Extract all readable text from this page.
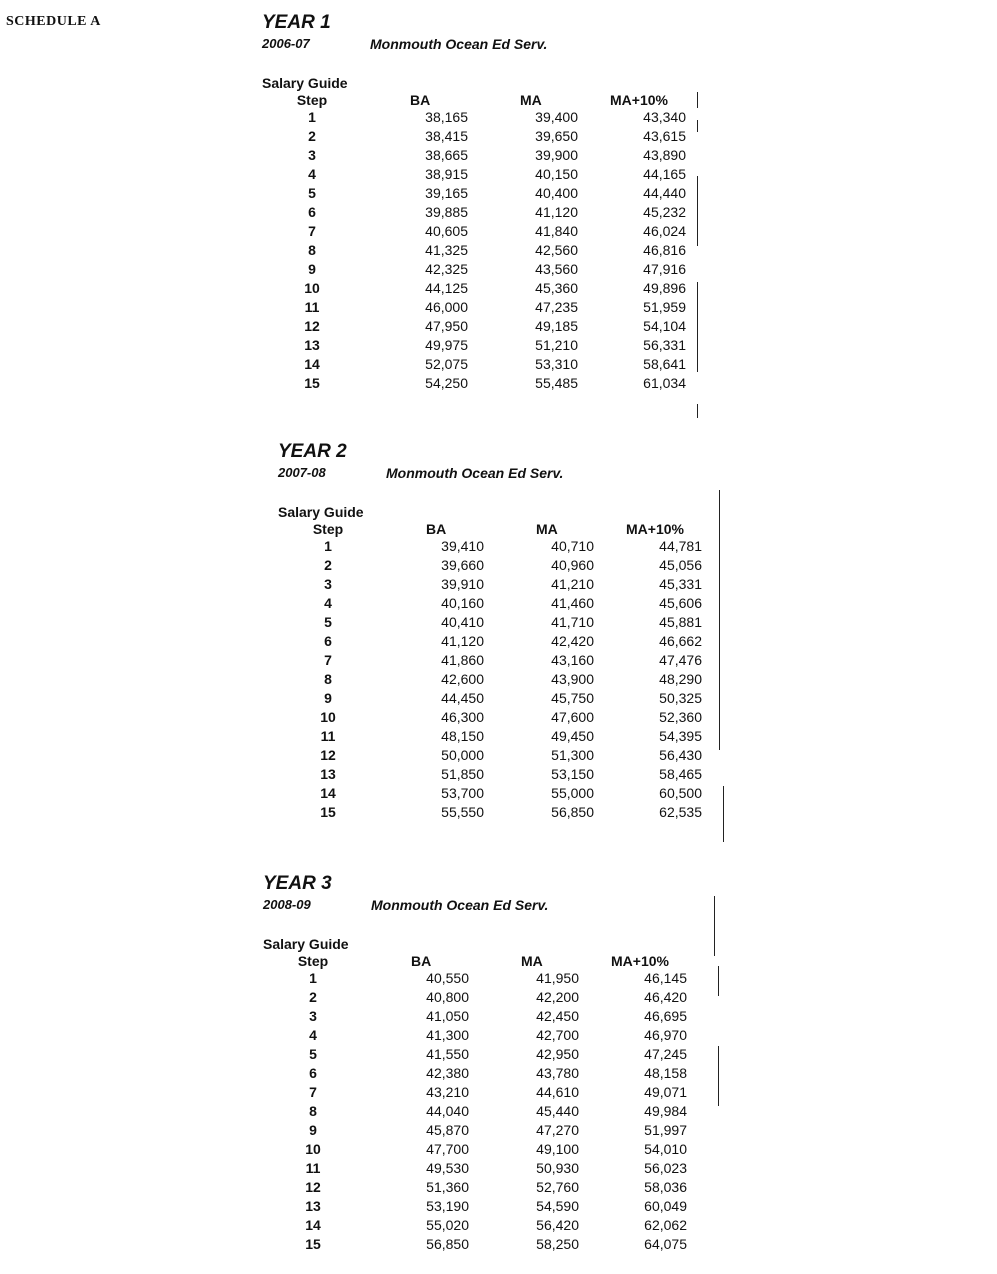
SCHEDULE A	YEAR 1
2006-07	Monmouth Ocean Ed Serv.
Salary Guide
Step	BA	MA	MA+10%
1	38,165	39,400	43,340
2	38,415	39,650	43,615
3	38,665	39,900	43,890
4	38,915	40,150	44,165
5	39,165	40,400	44,440
6	39,885	41,120	45,232
7	40,605	41,840	46,024
8	41,325	42,560	46,816
9	42,325	43,560	47,916
10	44,125	45,360	49,896
11	46,000	47,235	51,959
12	47,950	49,185	54,104
13	49,975	51,210	56,331
14	52,075	53,310	58,641
15	54,250	55,485	61,034
YEAR 2
2007-08	Monmouth Ocean Ed Serv.
Salary Guide
Step	BA	MA	MA+10%
1	39,410	40,710	44,781
2	39,660	40,960	45,056
3	39,910	41,210	45,331
4	40,160	41,460	45,606
5	40,410	41,710	45,881
6	41,120	42,420	46,662
7	41,860	43,160	47,476
8	42,600	43,900	48,290
9	44,450	45,750	50,325
10	46,300	47,600	52,360
11	48,150	49,450	54,395
12	50,000	51,300	56,430
13	51,850	53,150	58,465
14	53,700	55,000	60,500
15	55,550	56,850	62,535
YEAR 3
2008-09	Monmouth Ocean Ed Serv.
Salary Guide
Step	BA	MA	MA+10%
1	40,550	41,950	46,145
2	40,800	42,200	46,420
3	41,050	42,450	46,695
4	41,300	42,700	46,970
5	41,550	42,950	47,245
6	42,380	43,780	48,158
7	43,210	44,610	49,071
8	44,040	45,440	49,984
9	45,870	47,270	51,997
10	47,700	49,100	54,010
11	49,530	50,930	56,023
12	51,360	52,760	58,036
13	53,190	54,590	60,049
14	55,020	56,420	62,062
15	56,850	58,250	64,075
